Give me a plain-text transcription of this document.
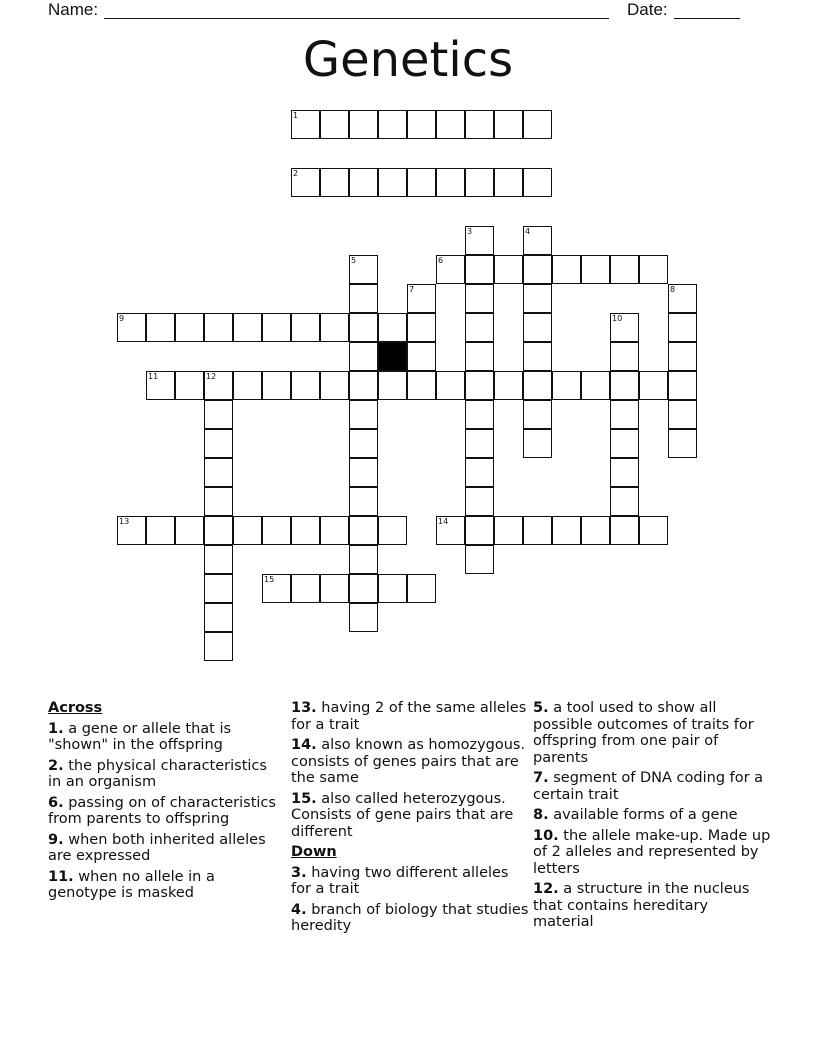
Name:	Date:
Genetics
1
2
6
9
11	12
13	14
15
3	4
5
7	8
10
Across
1. a gene or allele that is "shown" in the offspring
2. the physical characteristics in an organism
6. passing on of characteristics from parents to offspring
9. when both inherited alleles are expressed
11. when no allele in a genotype is masked
13. having 2 of the same alleles for a trait
14. also known as homozygous. consists of genes pairs that are the same
15. also called heterozygous. Consists of gene pairs that are different
Down
3. having two different alleles for a trait
4. branch of biology that studies heredity
5. a tool used to show all possible outcomes of traits for offspring from one pair of parents
7. segment of DNA coding for a certain trait
8. available forms of a gene
10. the allele make-up. Made up of 2 alleles and represented by letters
12. a structure in the nucleus that contains hereditary material
